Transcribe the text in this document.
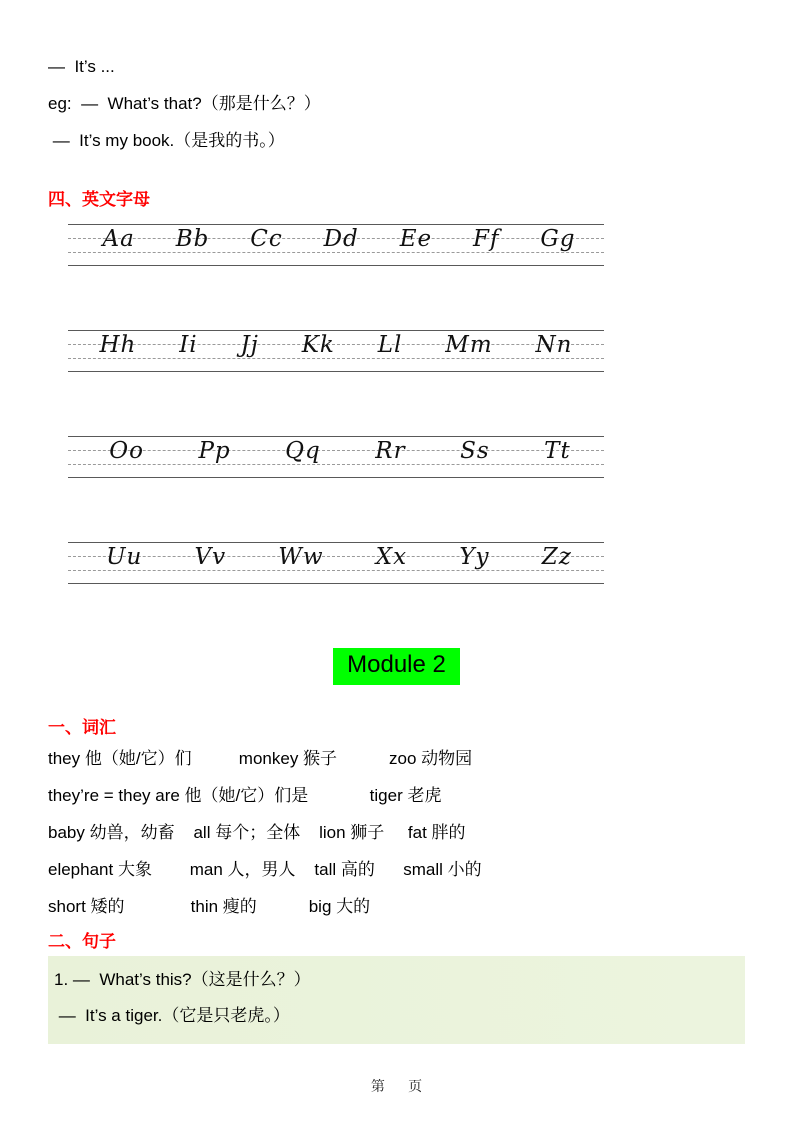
—  It’s ...
eg:  —  What’s that?（那是什么？）
—  It’s my book.（是我的书。）
四、英文字母
Aa Bb Cc Dd Ee Ff Gg
Hh Ii Jj Kk Ll Mm Nn
Oo Pp Qq Rr Ss Tt
Uu Vv Ww Xx Yy Zz
Module 2
一、词汇
they 他（她/它）们          monkey 猴子           zoo 动物园
they’re = they are 他（她/它）们是             tiger 老虎
baby 幼兽，幼畜    all 每个；全体    lion 狮子     fat 胖的
elephant 大象        man 人，男人    tall 高的      small 小的
short 矮的              thin 瘦的           big 大的
二、句子
1. —  What’s this?（这是什么？）
—  It’s a tiger.（它是只老虎。）
第      页
